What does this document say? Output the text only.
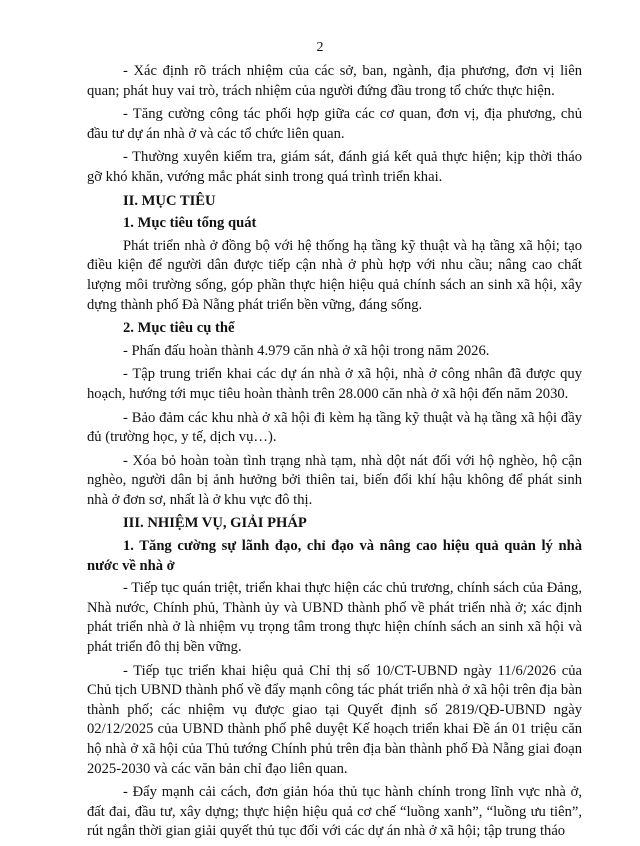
2

- Xác định rõ trách nhiệm của các sở, ban, ngành, địa phương, đơn vị liên quan; phát huy vai trò, trách nhiệm của người đứng đầu trong tổ chức thực hiện.

- Tăng cường công tác phối hợp giữa các cơ quan, đơn vị, địa phương, chủ đầu tư dự án nhà ở và các tổ chức liên quan.

- Thường xuyên kiểm tra, giám sát, đánh giá kết quả thực hiện; kịp thời tháo gỡ khó khăn, vướng mắc phát sinh trong quá trình triển khai.

II. MỤC TIÊU
1. Mục tiêu tổng quát

Phát triển nhà ở đồng bộ với hệ thống hạ tầng kỹ thuật và hạ tầng xã hội; tạo điều kiện để người dân được tiếp cận nhà ở phù hợp với nhu cầu; nâng cao chất lượng môi trường sống, góp phần thực hiện hiệu quả chính sách an sinh xã hội, xây dựng thành phố Đà Nẵng phát triển bền vững, đáng sống.

2. Mục tiêu cụ thể

- Phấn đấu hoàn thành 4.979 căn nhà ở xã hội trong năm 2026.

- Tập trung triển khai các dự án nhà ở xã hội, nhà ở công nhân đã được quy hoạch, hướng tới mục tiêu hoàn thành trên 28.000 căn nhà ở xã hội đến năm 2030.

- Bảo đảm các khu nhà ở xã hội đi kèm hạ tầng kỹ thuật và hạ tầng xã hội đầy đủ (trường học, y tế, dịch vụ…).

- Xóa bỏ hoàn toàn tình trạng nhà tạm, nhà dột nát đối với hộ nghèo, hộ cận nghèo, người dân bị ảnh hưởng bởi thiên tai, biến đổi khí hậu không để phát sinh nhà ở đơn sơ, nhất là ở khu vực đô thị.

III. NHIỆM VỤ, GIẢI PHÁP
1. Tăng cường sự lãnh đạo, chỉ đạo và nâng cao hiệu quả quản lý nhà nước về nhà ở

- Tiếp tục quán triệt, triển khai thực hiện các chủ trương, chính sách của Đảng, Nhà nước, Chính phủ, Thành ủy và UBND thành phố về phát triển nhà ở; xác định phát triển nhà ở là nhiệm vụ trọng tâm trong thực hiện chính sách an sinh xã hội và phát triển đô thị bền vững.

- Tiếp tục triển khai hiệu quả Chỉ thị số 10/CT-UBND ngày 11/6/2026 của Chủ tịch UBND thành phố về đẩy mạnh công tác phát triển nhà ở xã hội trên địa bàn thành phố; các nhiệm vụ được giao tại Quyết định số 2819/QĐ-UBND ngày 02/12/2025 của UBND thành phố phê duyệt Kế hoạch triển khai Đề án 01 triệu căn hộ nhà ở xã hội của Thủ tướng Chính phủ trên địa bàn thành phố Đà Nẵng giai đoạn 2025-2030 và các văn bản chỉ đạo liên quan.

- Đẩy mạnh cải cách, đơn giản hóa thủ tục hành chính trong lĩnh vực nhà ở, đất đai, đầu tư, xây dựng; thực hiện hiệu quả cơ chế “luồng xanh”, “luồng ưu tiên”, rút ngắn thời gian giải quyết thủ tục đối với các dự án nhà ở xã hội; tập trung tháo
